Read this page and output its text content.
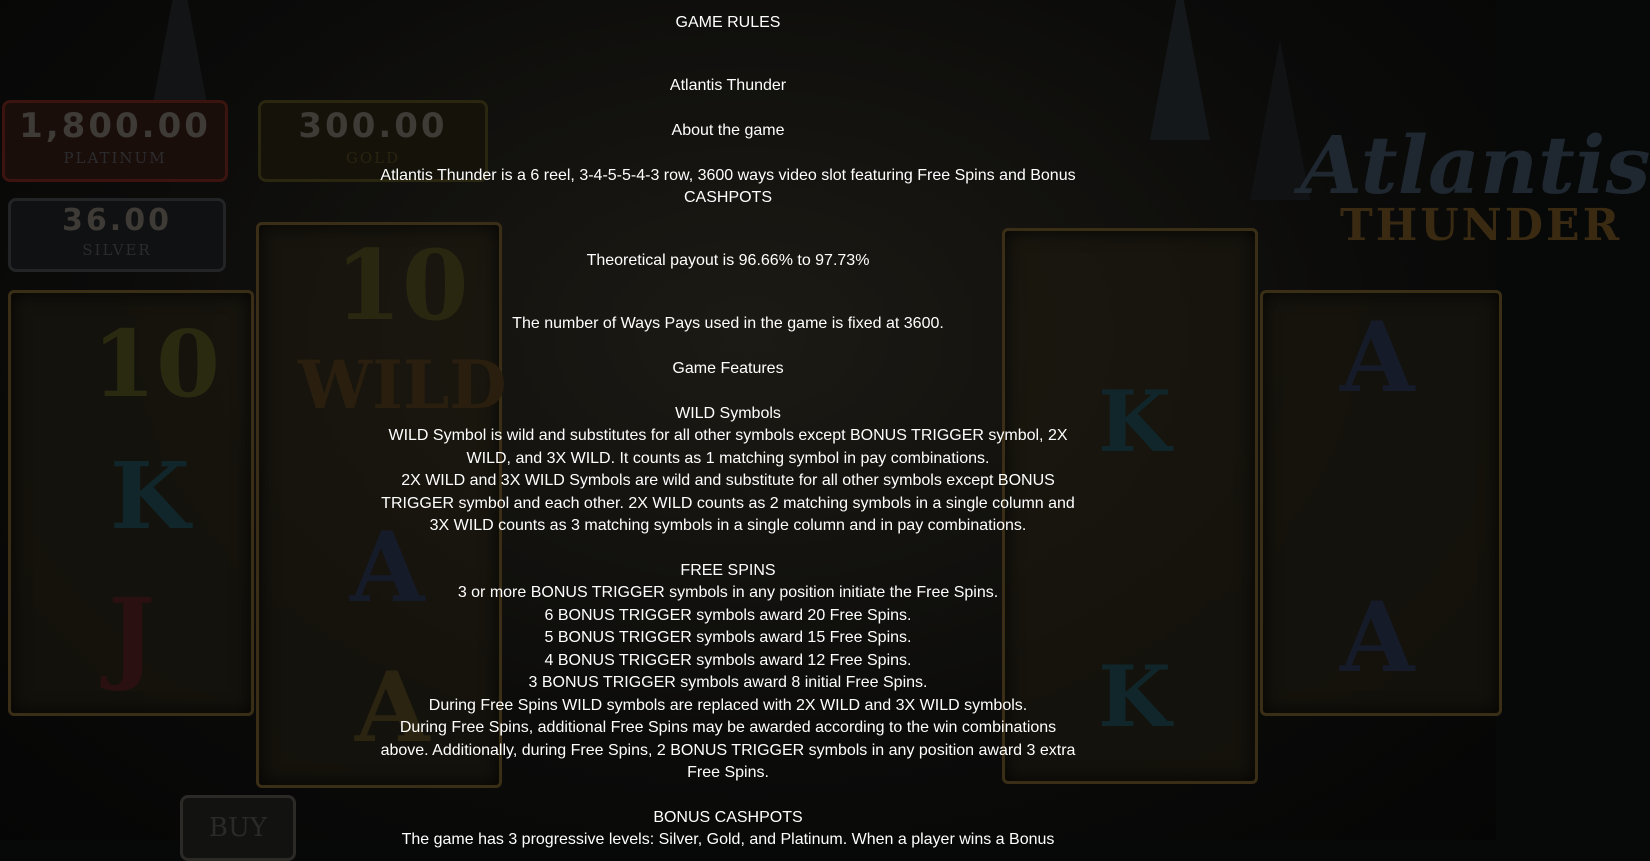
1,800.00
PLATINUM
300.00
GOLD
36.00
SILVER
Atlantis
THUNDER
10
10
WILD
K
J
A
A
K
A
K
A
BUY

GAME RULES

Atlantis Thunder

About the game

Atlantis Thunder is a 6 reel, 3-4-5-5-4-3 row, 3600 ways video slot featuring Free Spins and Bonus CASHPOTS

Theoretical payout is 96.66% to 97.73%

The number of Ways Pays used in the game is fixed at 3600.

Game Features

WILD Symbols

WILD Symbol is wild and substitutes for all other symbols except BONUS TRIGGER symbol, 2X WILD, and 3X WILD. It counts as 1 matching symbol in pay combinations.

2X WILD and 3X WILD Symbols are wild and substitute for all other symbols except BONUS TRIGGER symbol and each other. 2X WILD counts as 2 matching symbols in a single column and 3X WILD counts as 3 matching symbols in a single column and in pay combinations.

FREE SPINS

3 or more BONUS TRIGGER symbols in any position initiate the Free Spins.

6 BONUS TRIGGER symbols award 20 Free Spins.

5 BONUS TRIGGER symbols award 15 Free Spins.

4 BONUS TRIGGER symbols award 12 Free Spins.

3 BONUS TRIGGER symbols award 8 initial Free Spins.

During Free Spins WILD symbols are replaced with 2X WILD and 3X WILD symbols.

During Free Spins, additional Free Spins may be awarded according to the win combinations above. Additionally, during Free Spins, 2 BONUS TRIGGER symbols in any position award 3 extra Free Spins.

BONUS CASHPOTS

The game has 3 progressive levels: Silver, Gold, and Platinum. When a player wins a Bonus
